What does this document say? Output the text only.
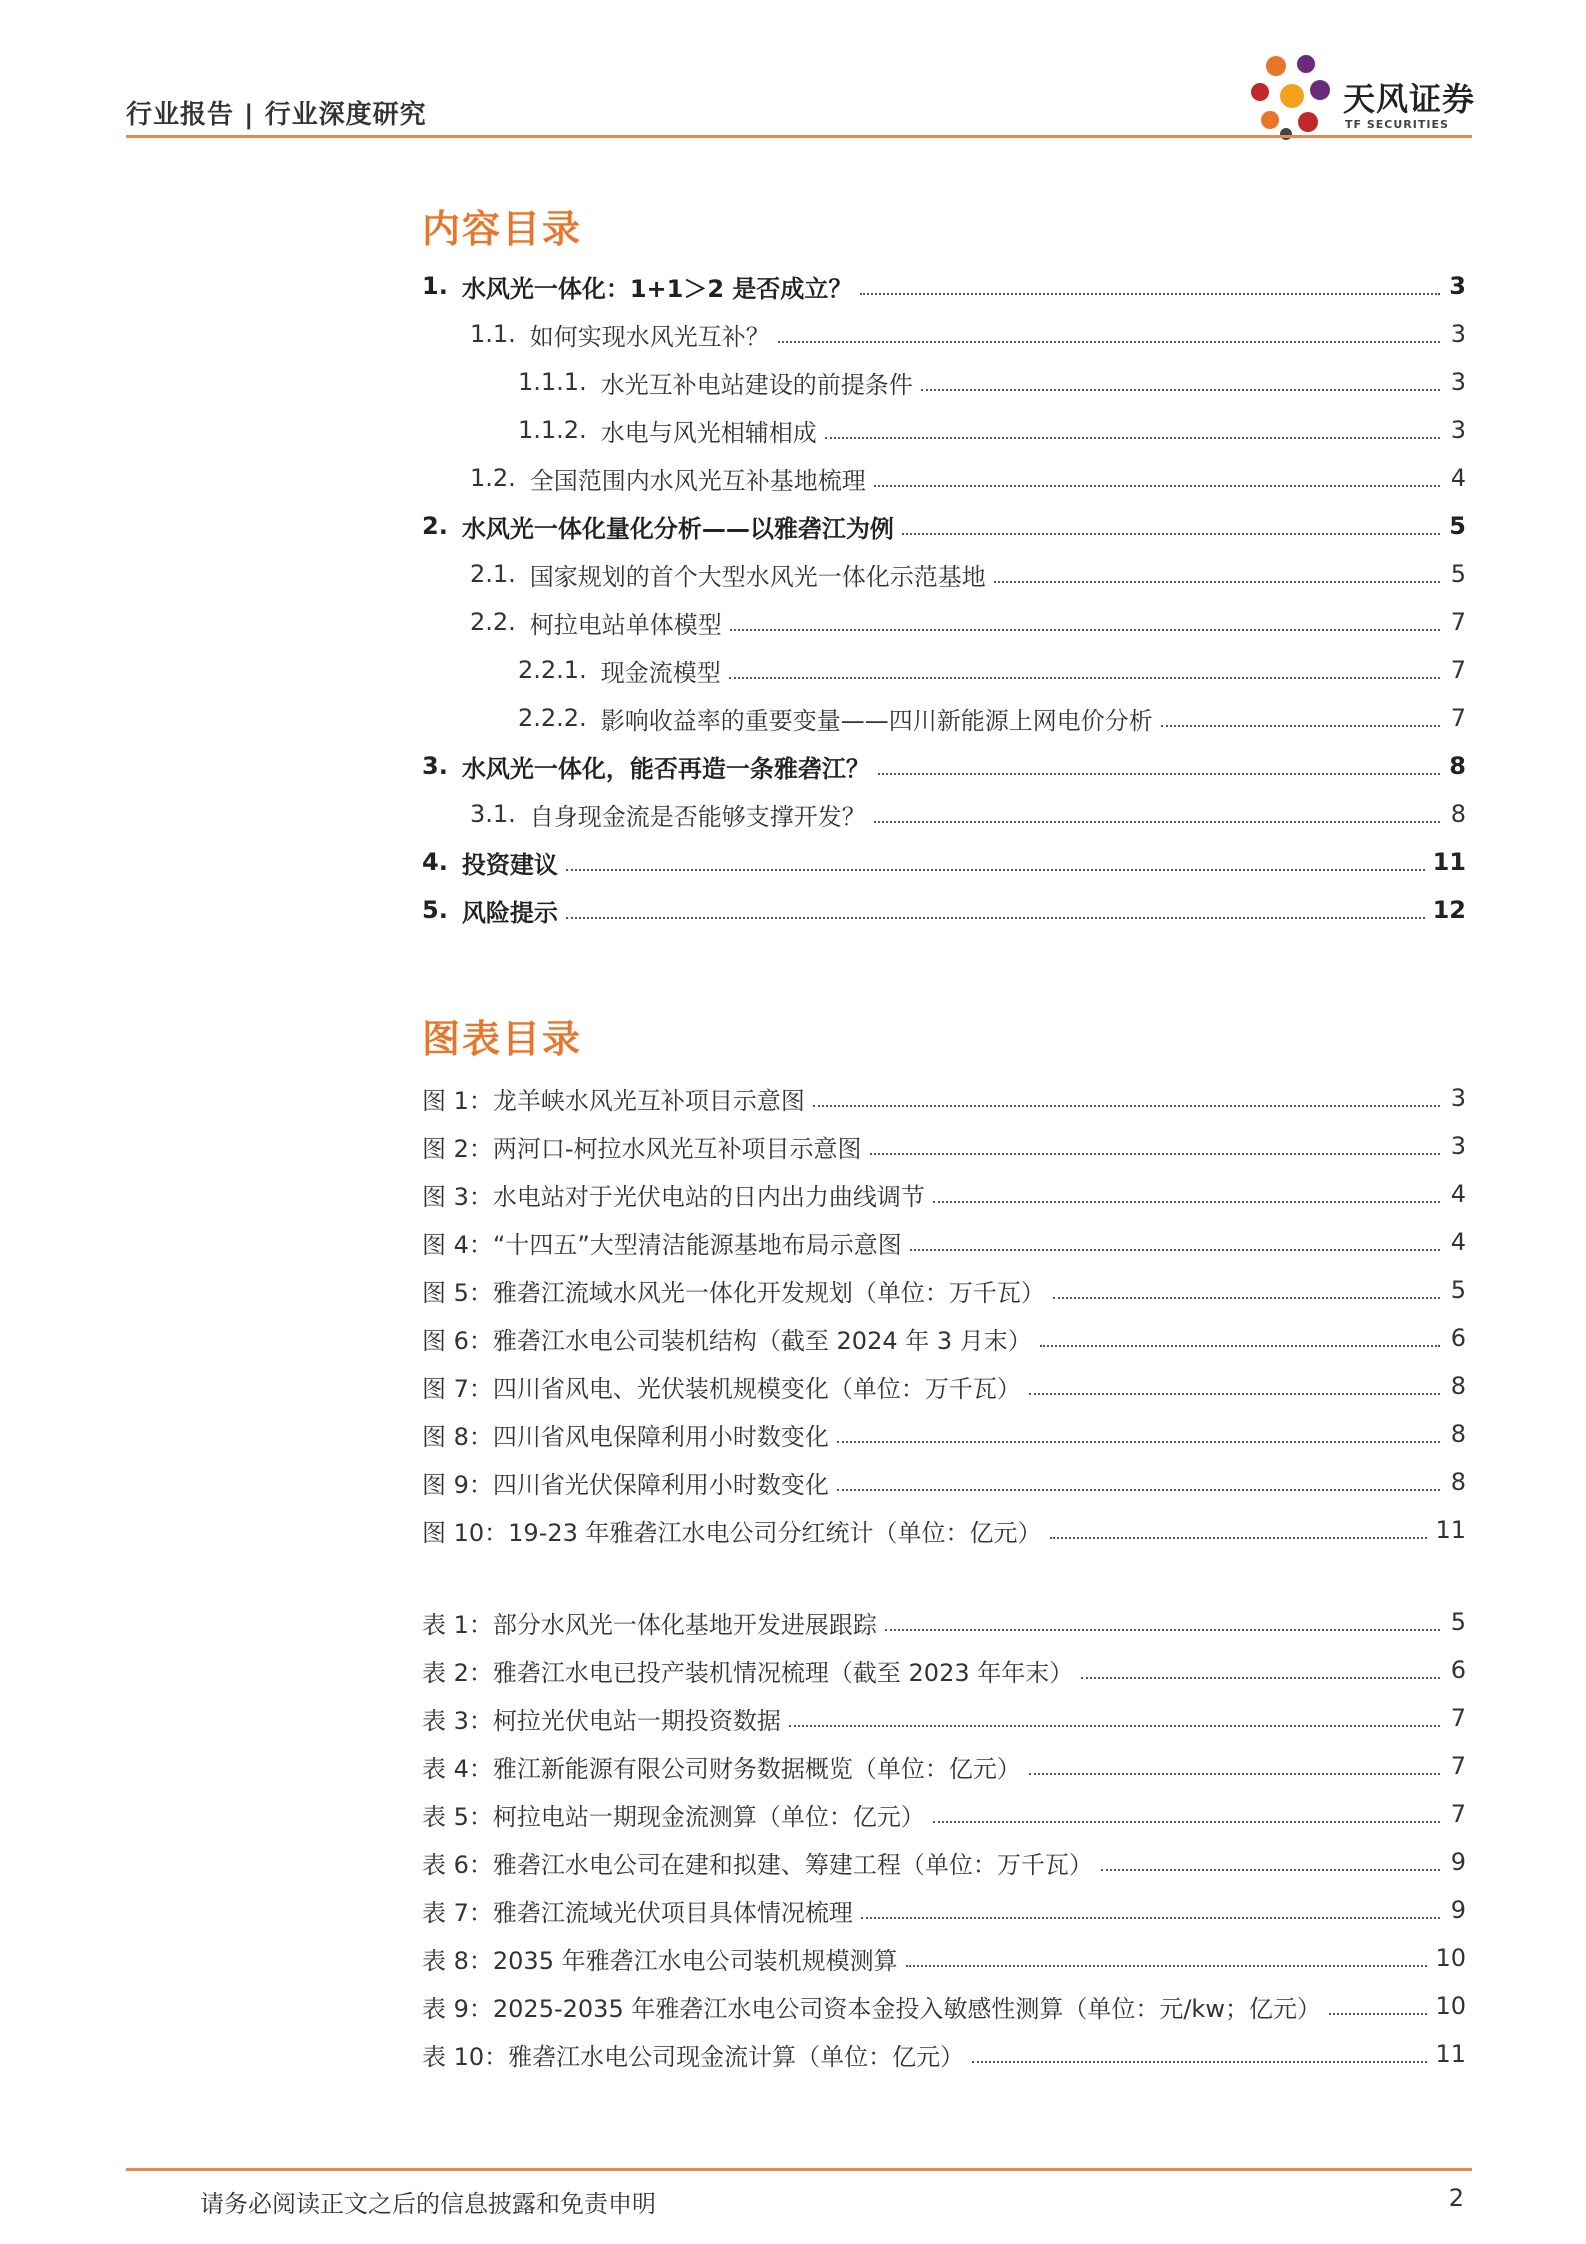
行业报告 | 行业深度研究	天风证券
TF SECURITIES
内容目录
1. 水风光一体化：1+1＞2 是否成立？	3
1.1. 如何实现水风光互补？	3
1.1.1. 水光互补电站建设的前提条件	3
1.1.2. 水电与风光相辅相成	3
1.2. 全国范围内水风光互补基地梳理	4
2. 水风光一体化量化分析——以雅砻江为例	5
2.1. 国家规划的首个大型水风光一体化示范基地	5
2.2. 柯拉电站单体模型	7
2.2.1. 现金流模型	7
2.2.2. 影响收益率的重要变量——四川新能源上网电价分析	7
3. 水风光一体化，能否再造一条雅砻江？	8
3.1. 自身现金流是否能够支撑开发？	8
4. 投资建议	11
5. 风险提示	12
图表目录
图 1：龙羊峡水风光互补项目示意图	3
图 2：两河口-柯拉水风光互补项目示意图	3
图 3：水电站对于光伏电站的日内出力曲线调节	4
图 4：“十四五”大型清洁能源基地布局示意图	4
图 5：雅砻江流域水风光一体化开发规划（单位：万千瓦）	5
图 6：雅砻江水电公司装机结构（截至 2024 年 3 月末）	6
图 7：四川省风电、光伏装机规模变化（单位：万千瓦）	8
图 8：四川省风电保障利用小时数变化	8
图 9：四川省光伏保障利用小时数变化	8
图 10：19-23 年雅砻江水电公司分红统计（单位：亿元）	11
表 1：部分水风光一体化基地开发进展跟踪	5
表 2：雅砻江水电已投产装机情况梳理（截至 2023 年年末）	6
表 3：柯拉光伏电站一期投资数据	7
表 4：雅江新能源有限公司财务数据概览（单位：亿元）	7
表 5：柯拉电站一期现金流测算（单位：亿元）	7
表 6：雅砻江水电公司在建和拟建、筹建工程（单位：万千瓦）	9
表 7：雅砻江流域光伏项目具体情况梳理	9
表 8：2035 年雅砻江水电公司装机规模测算	10
表 9：2025-2035 年雅砻江水电公司资本金投入敏感性测算（单位：元/kw；亿元）	10
表 10：雅砻江水电公司现金流计算（单位：亿元）	11
请务必阅读正文之后的信息披露和免责申明	2
